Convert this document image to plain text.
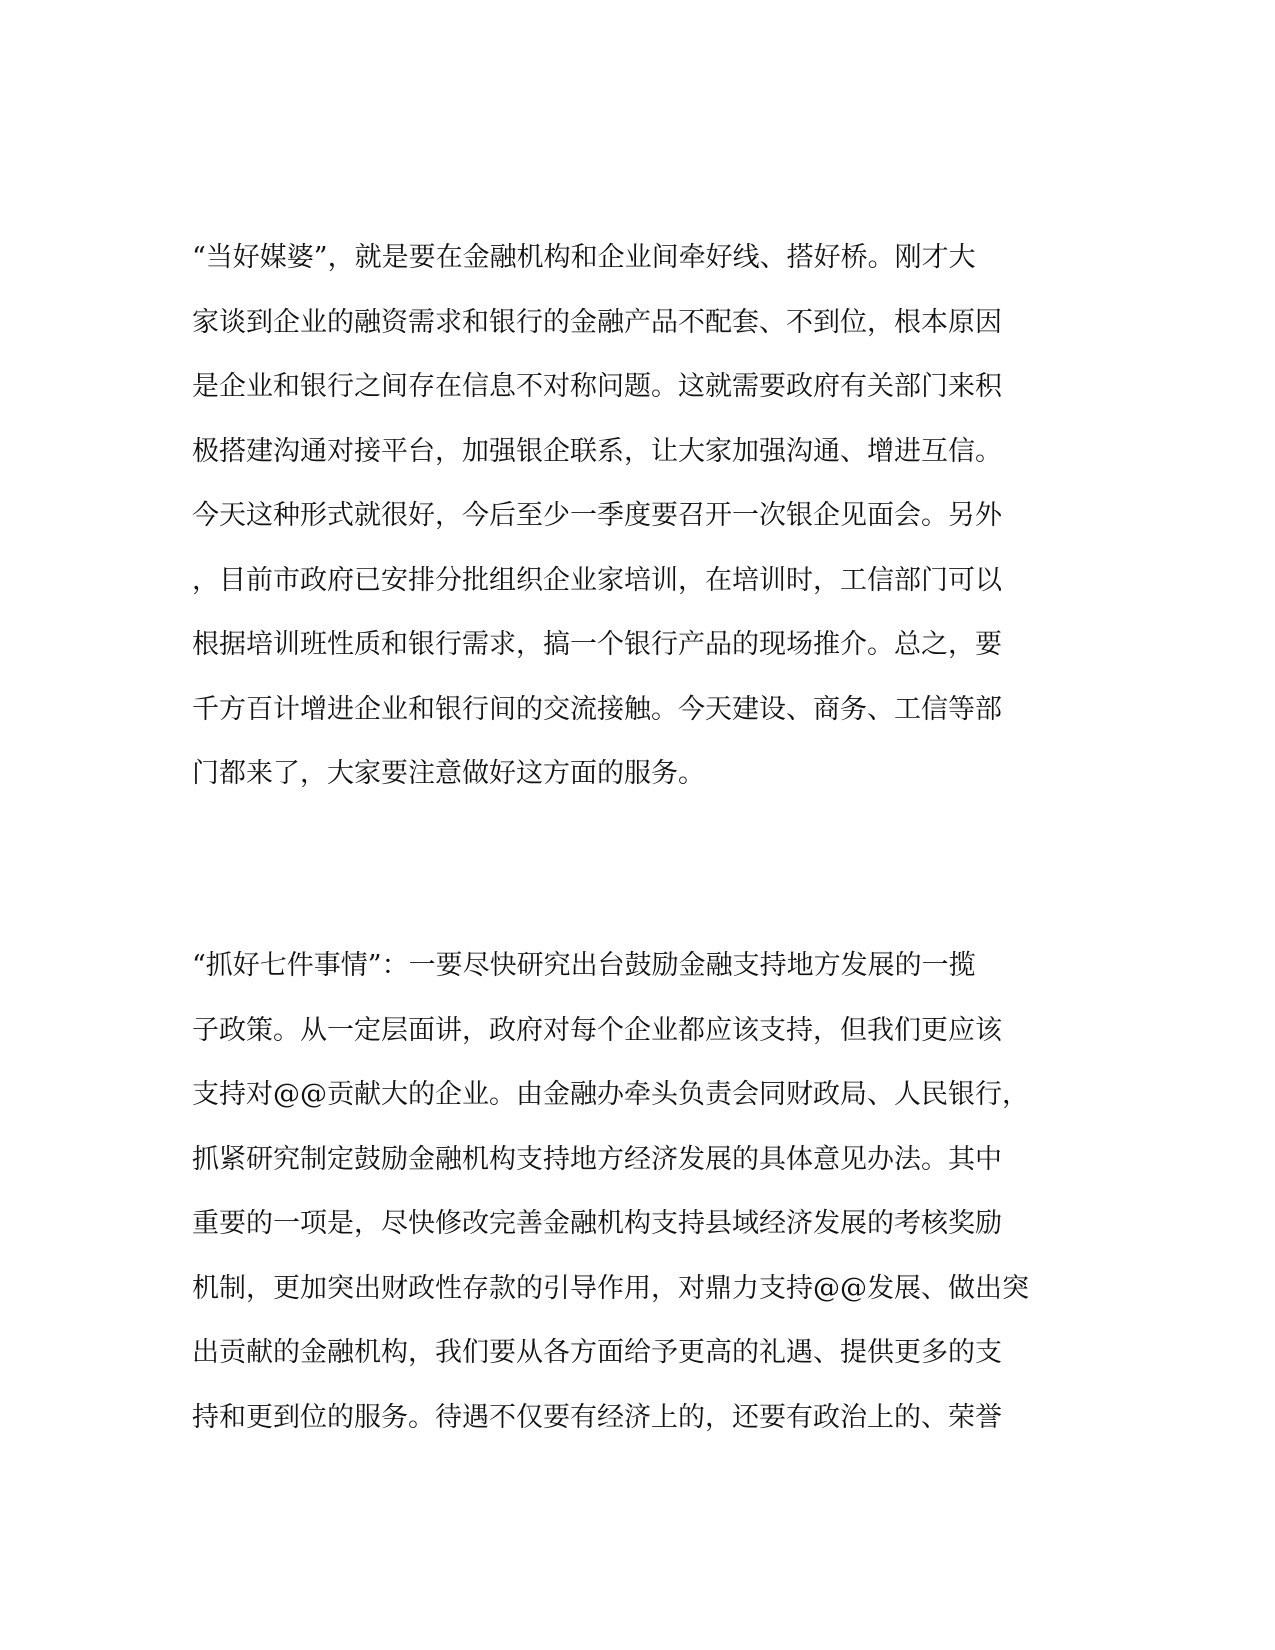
“当好媒婆”，就是要在金融机构和企业间牵好线、搭好桥。刚才大
家谈到企业的融资需求和银行的金融产品不配套、不到位，根本原因
是企业和银行之间存在信息不对称问题。这就需要政府有关部门来积
极搭建沟通对接平台，加强银企联系，让大家加强沟通、增进互信。
今天这种形式就很好，今后至少一季度要召开一次银企见面会。另外
，目前市政府已安排分批组织企业家培训，在培训时，工信部门可以
根据培训班性质和银行需求，搞一个银行产品的现场推介。总之，要
千方百计增进企业和银行间的交流接触。今天建设、商务、工信等部
门都来了，大家要注意做好这方面的服务。
“抓好七件事情”：一要尽快研究出台鼓励金融支持地方发展的一揽
子政策。从一定层面讲，政府对每个企业都应该支持，但我们更应该
支持对@@贡献大的企业。由金融办牵头负责会同财政局、人民银行，
抓紧研究制定鼓励金融机构支持地方经济发展的具体意见办法。其中
重要的一项是，尽快修改完善金融机构支持县域经济发展的考核奖励
机制，更加突出财政性存款的引导作用，对鼎力支持@@发展、做出突
出贡献的金融机构，我们要从各方面给予更高的礼遇、提供更多的支
持和更到位的服务。待遇不仅要有经济上的，还要有政治上的、荣誉
